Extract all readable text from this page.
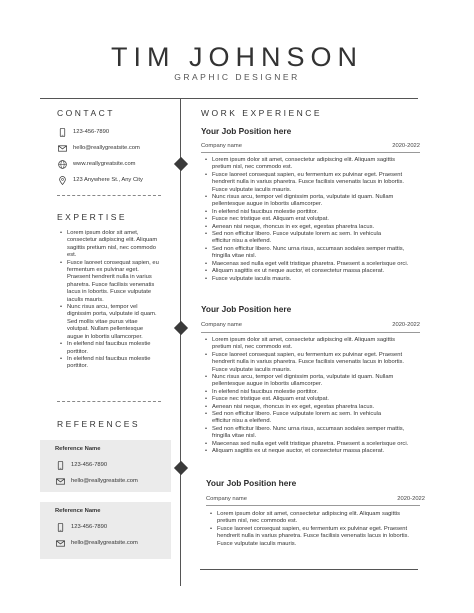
TIM JOHNSON
GRAPHIC DESIGNER
CONTACT
123-456-7890
hello@reallygreatsite.com
www.reallygreatsite.com
123 Anywhere St., Any City
EXPERTISE
• Lorem ipsum dolor sit amet,
consectetur adipiscing elit. Aliquam
sagittis pretium nisl, nec commodo
est.
• Fusce laoreet consequat sapien, eu
fermentum ex pulvinar eget.
Praesent hendrerit nulla in varius
pharetra. Fusce facilisis venenatis
lacus in lobortis. Fusce vulputate
iaculis mauris.
• Nunc risus arcu, tempor vel
dignissim porta, vulputate id quam.
Sed mollis vitae purus vitae
volutpat. Nullam pellentesque
augue in lobortis ullamcorper.
• In eleifend nisl faucibus molestie
porttitor.
• In eleifend nisl faucibus molestie
porttitor.
REFERENCES
Reference Name
123-456-7890
hello@reallygreatsite.com
Reference Name
123-456-7890
hello@reallygreatsite.com
WORK EXPERIENCE
Your Job Position here
Company name	2020-2022
• Lorem ipsum dolor sit amet, consectetur adipiscing elit. Aliquam sagittis
pretium nisl, nec commodo est.
• Fusce laoreet consequat sapien, eu fermentum ex pulvinar eget. Praesent
hendrerit nulla in varius pharetra. Fusce facilisis venenatis lacus in lobortis.
Fusce vulputate iaculis mauris.
• Nunc risus arcu, tempor vel dignissim porta, vulputate id quam. Nullam
pellentesque augue in lobortis ullamcorper.
• In eleifend nisl faucibus molestie porttitor.
• Fusce nec tristique est. Aliquam erat volutpat.
• Aenean nisi neque, rhoncus in ex eget, egestas pharetra lacus.
• Sed non efficitur libero. Fusce vulputate lorem ac sem. In vehicula
efficitur nisu a eleifend.
• Sed non efficitur libero. Nunc urna risus, accumsan sodales semper mattis,
fringilla vitae nisl.
• Maecenas sed nulla eget velit tristique pharetra. Praesent a scelerisque orci.
• Aliquam sagittis ex ut neque auctor, et consectetur massa placerat.
• Fusce vulputate iaculis mauris.
Your Job Position here
Company name	2020-2022
• Lorem ipsum dolor sit amet, consectetur adipiscing elit. Aliquam sagittis
pretium nisl, nec commodo est.
• Fusce laoreet consequat sapien, eu fermentum ex pulvinar eget. Praesent
hendrerit nulla in varius pharetra. Fusce facilisis venenatis lacus in lobortis.
Fusce vulputate iaculis mauris.
• Nunc risus arcu, tempor vel dignissim porta, vulputate id quam. Nullam
pellentesque augue in lobortis ullamcorper.
• In eleifend nisl faucibus molestie porttitor.
• Fusce nec tristique est. Aliquam erat volutpat.
• Aenean nisi neque, rhoncus in ex eget, egestas pharetra lacus.
• Sed non efficitur libero. Fusce vulputate lorem ac sem. In vehicula
efficitur nisu a eleifend.
• Sed non efficitur libero. Nunc urna risus, accumsan sodales semper mattis,
fringilla vitae nisl.
• Maecenas sed nulla eget velit tristique pharetra. Praesent a scelerisque orci.
• Aliquam sagittis ex ut neque auctor, et consectetur massa placerat.
Your Job Position here
Company name	2020-2022
• Lorem ipsum dolor sit amet, consectetur adipiscing elit. Aliquam sagittis
pretium nisl, nec commodo est.
• Fusce laoreet consequat sapien, eu fermentum ex pulvinar eget. Praesent
hendrerit nulla in varius pharetra. Fusce facilisis venenatis lacus in lobortis.
Fusce vulputate iaculis mauris.
